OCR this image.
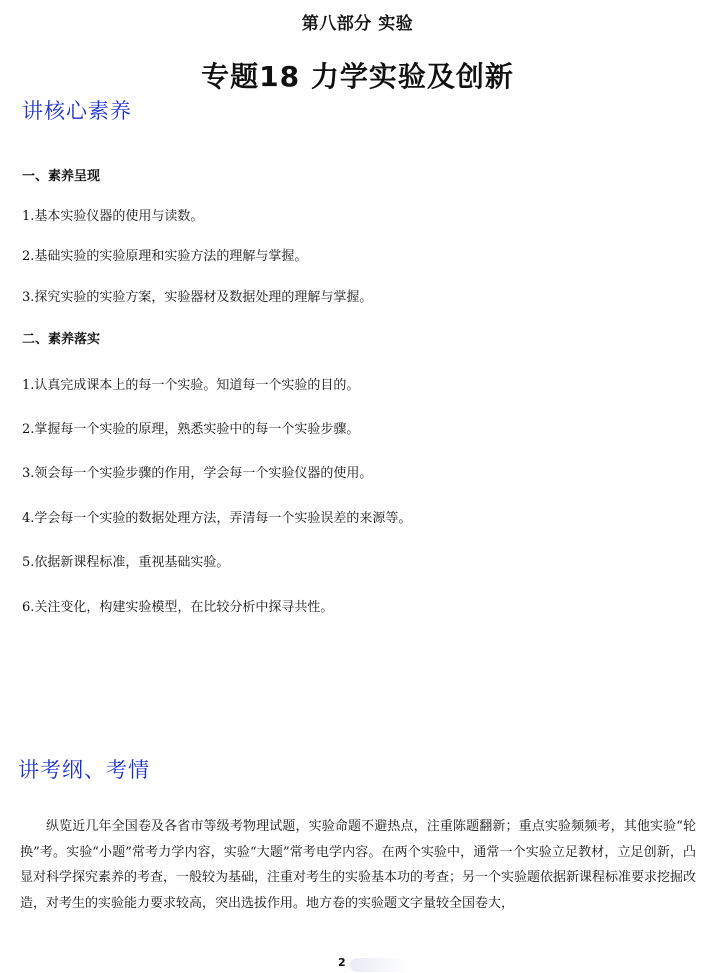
第八部分 实验
专题18 力学实验及创新
讲核心素养
一、素养呈现
1.基本实验仪器的使用与读数。
2.基础实验的实验原理和实验方法的理解与掌握。
3.探究实验的实验方案，实验器材及数据处理的理解与掌握。
二、素养落实
1.认真完成课本上的每一个实验。知道每一个实验的目的。
2.掌握每一个实验的原理，熟悉实验中的每一个实验步骤。
3.领会每一个实验步骤的作用，学会每一个实验仪器的使用。
4.学会每一个实验的数据处理方法，弄清每一个实验误差的来源等。
5.依据新课程标准，重视基础实验。
6.关注变化，构建实验模型，在比较分析中探寻共性。
讲考纲、考情
纵览近几年全国卷及各省市等级考物理试题，实验命题不避热点，注重陈题翻新；重点实验频频考，其他实验“轮换”考。实验“小题”常考力学内容，实验“大题”常考电学内容。在两个实验中，通常一个实验立足教材，立足创新，凸显对科学探究素养的考查，一般较为基础，注重对考生的实验基本功的考查；另一个实验题依据新课程标准要求挖掘改造，对考生的实验能力要求较高，突出选拔作用。地方卷的实验题文字量较全国卷大，
2
